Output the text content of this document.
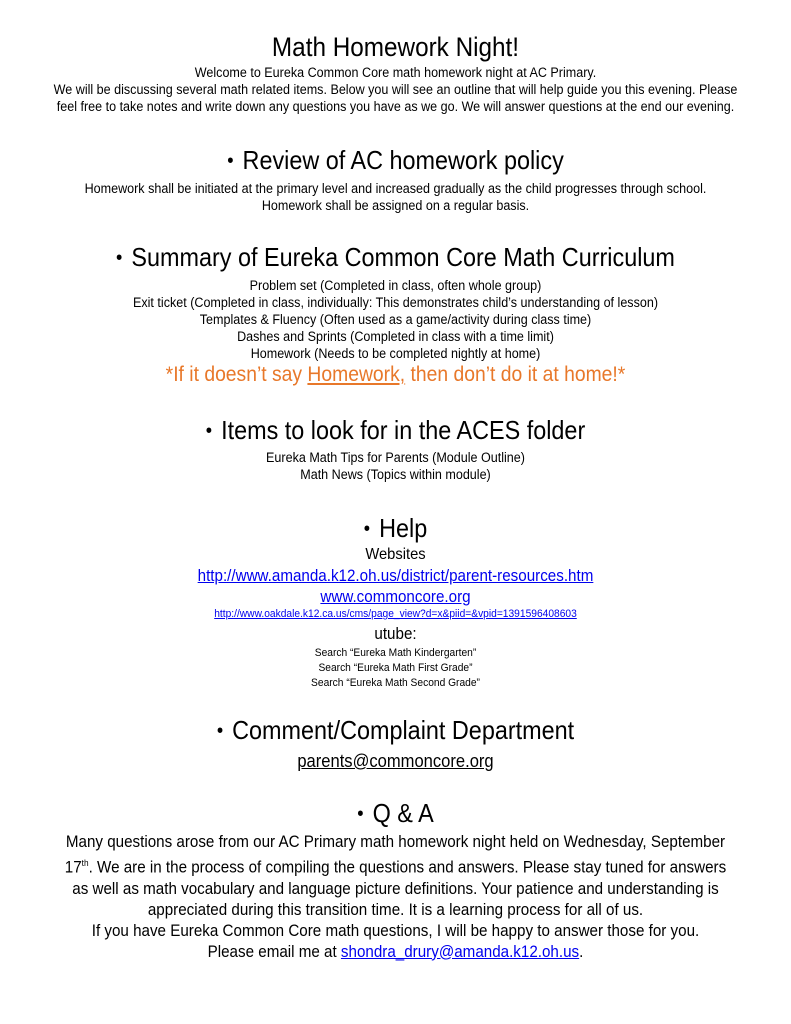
Math Homework Night!
Welcome to Eureka Common Core math homework night at AC Primary.
We will be discussing several math related items. Below you will see an outline that will help guide you this evening. Please feel free to take notes and write down any questions you have as we go. We will answer questions at the end our evening.
• Review of AC homework policy
Homework shall be initiated at the primary level and increased gradually as the child progresses through school. Homework shall be assigned on a regular basis.
• Summary of Eureka Common Core Math Curriculum
Problem set (Completed in class, often whole group)
Exit ticket (Completed in class, individually: This demonstrates child’s understanding of lesson)
Templates & Fluency (Often used as a game/activity during class time)
Dashes and Sprints (Completed in class with a time limit)
Homework (Needs to be completed nightly at home)
*If it doesn’t say Homework, then don’t do it at home!*
• Items to look for in the ACES folder
Eureka Math Tips for Parents (Module Outline)
Math News (Topics within module)
• Help
Websites
http://www.amanda.k12.oh.us/district/parent-resources.htm
www.commoncore.org
http://www.oakdale.k12.ca.us/cms/page_view?d=x&piid=&vpid=1391596408603
utube:
Search “Eureka Math Kindergarten”
Search “Eureka Math First Grade”
Search “Eureka Math Second Grade”
• Comment/Complaint Department
parents@commoncore.org
• Q & A
Many questions arose from our AC Primary math homework night held on Wednesday, September 17th. We are in the process of compiling the questions and answers. Please stay tuned for answers as well as math vocabulary and language picture definitions. Your patience and understanding is appreciated during this transition time. It is a learning process for all of us.
If you have Eureka Common Core math questions, I will be happy to answer those for you.
Please email me at shondra_drury@amanda.k12.oh.us.
